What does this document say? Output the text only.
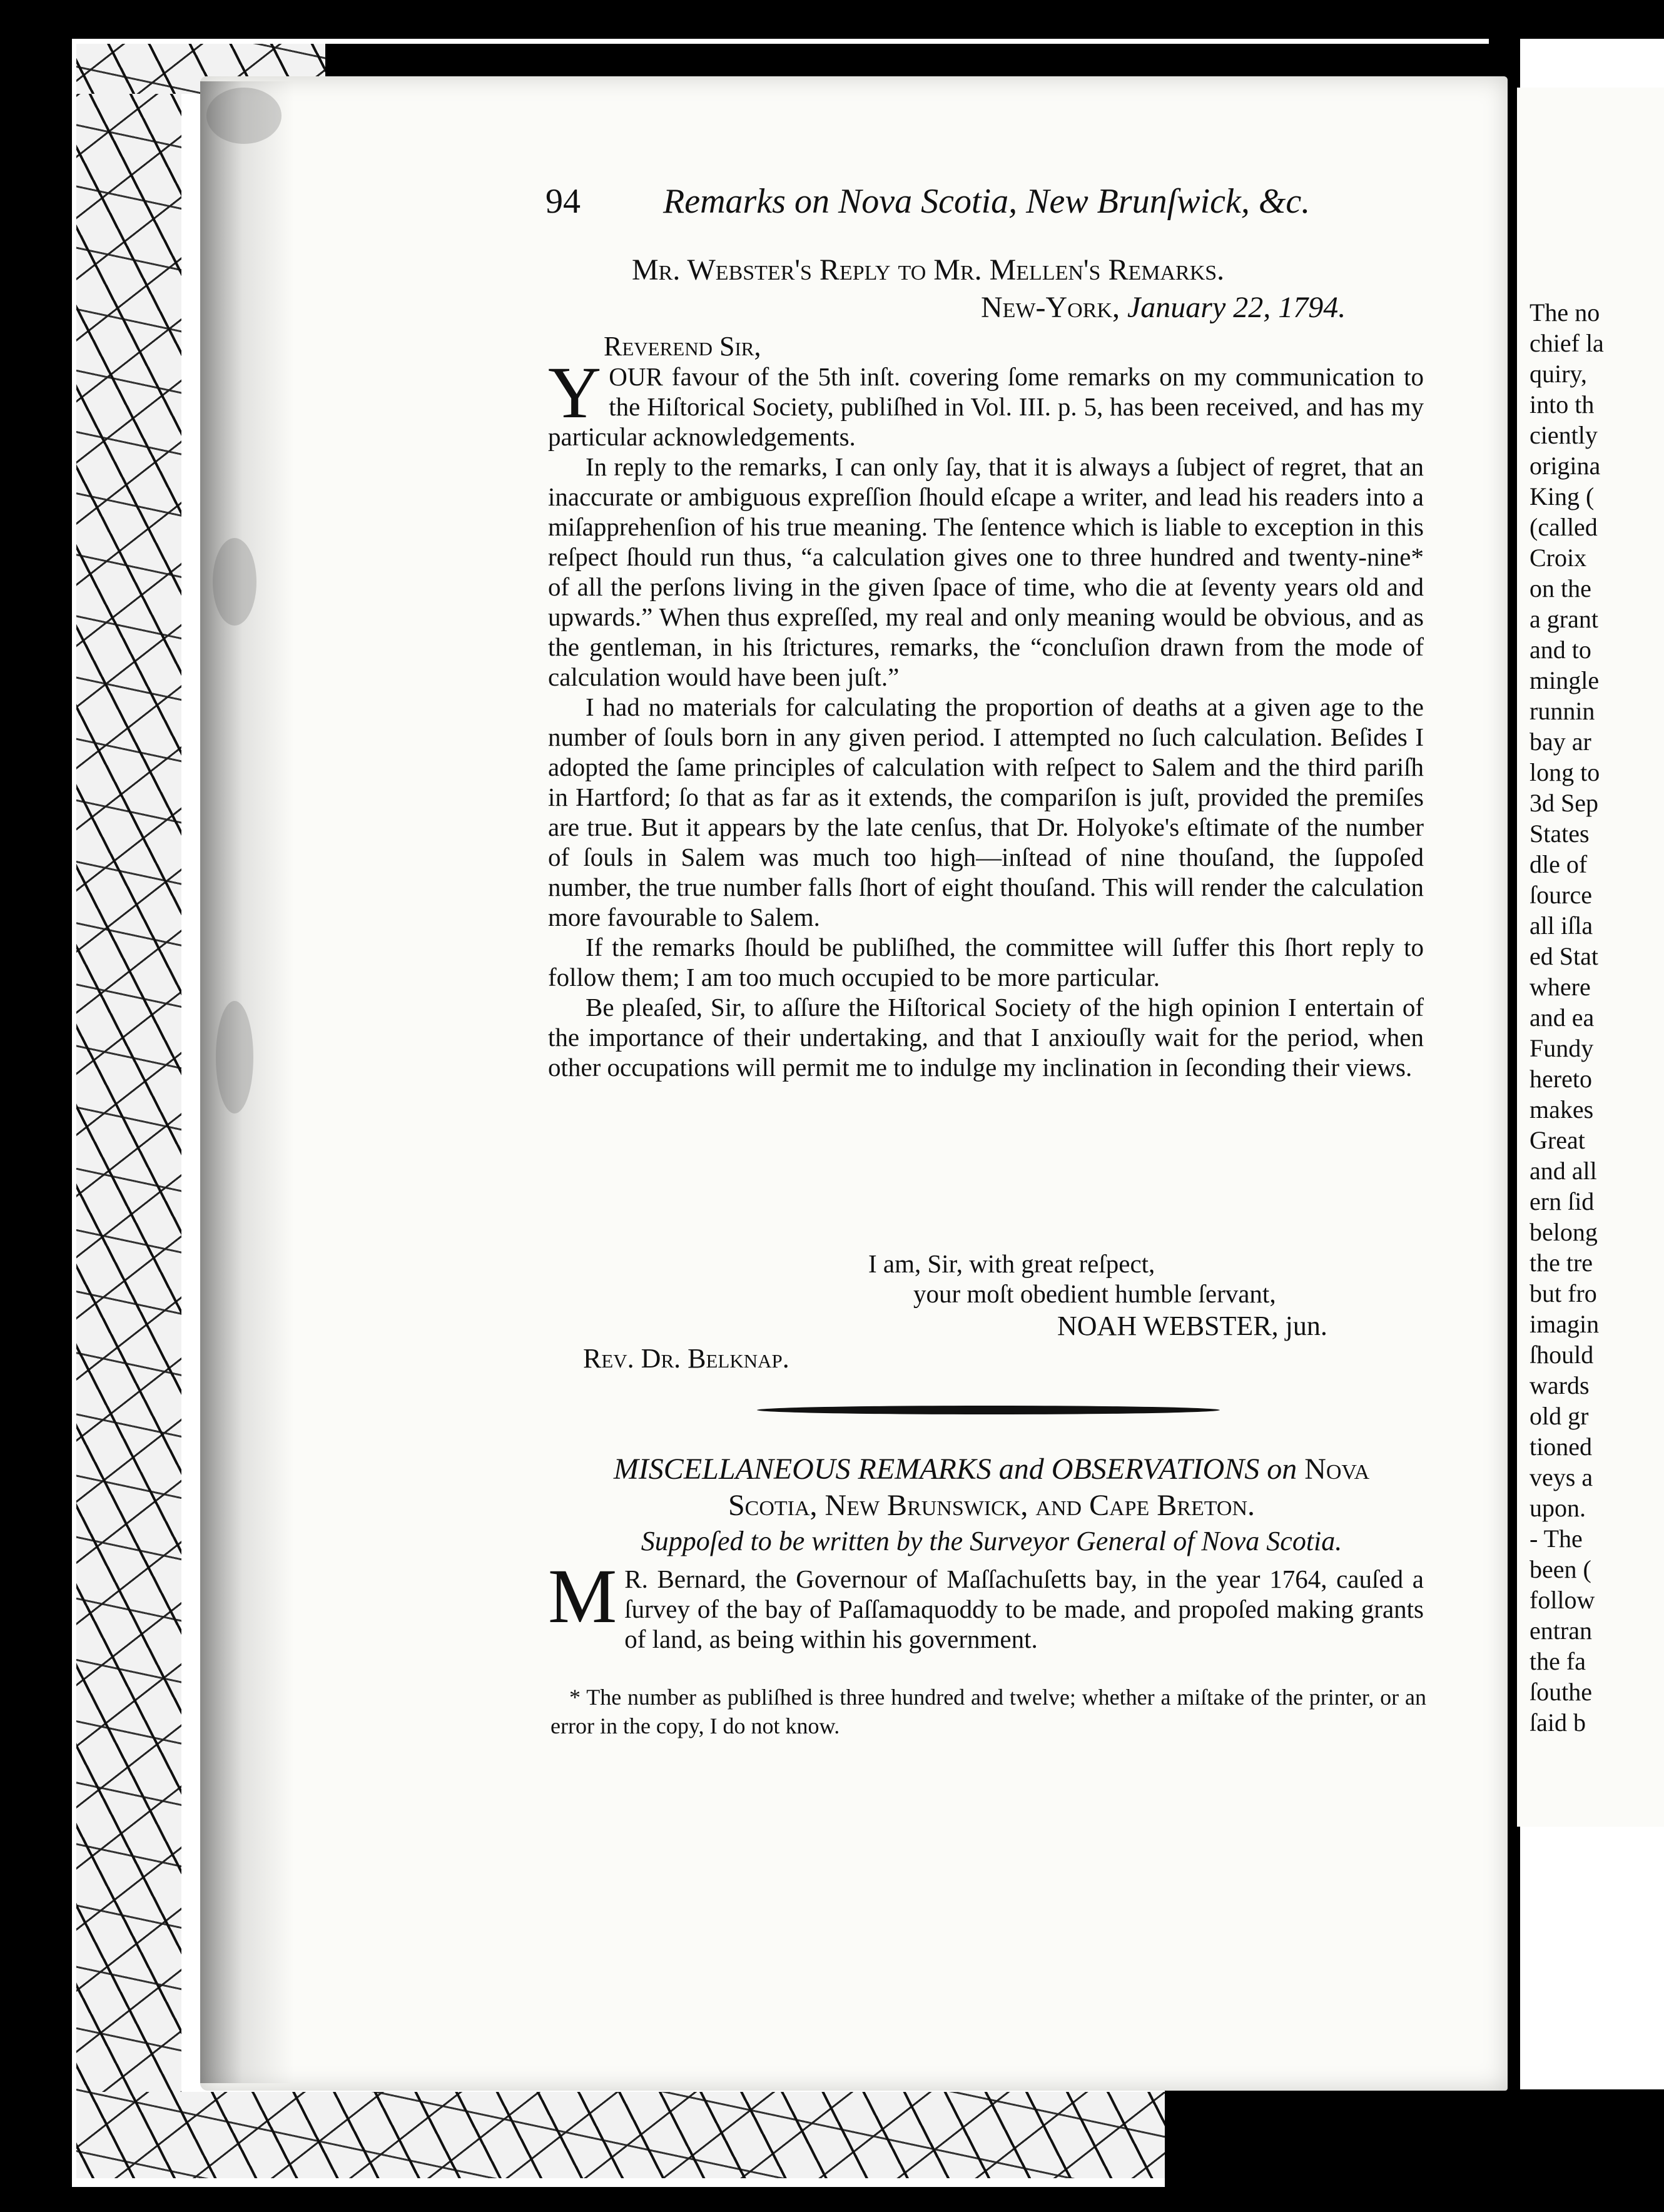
The no
chief la
quiry,
into th
ciently
origina
King (
(called
Croix
on the
a grant
and to
mingle
runnin
bay ar
long to
3d Sep
States
dle of
ſource
all iſla
ed Stat
where
and ea
Fundy
hereto
makes
Great
and all
ern ſid
belong
the tre
but fro
imagin
ſhould
wards
old gr
tioned
veys a
upon.
- The
been (
follow
entran
the fa
ſouthe
ſaid b
94 Remarks on Nova Scotia, New Brunſwick, &c.
Mr. Webster's Reply to Mr. Mellen's Remarks.
New-York, January 22, 1794.
Reverend Sir,

YOUR favour of the 5th inſt. covering ſome remarks on my communication to the Hiſtorical Society, publiſhed in Vol. III. p. 5, has been received, and has my particular acknowledgements.

In reply to the remarks, I can only ſay, that it is always a ſubject of regret, that an inaccurate or ambiguous expreſſion ſhould eſcape a writer, and lead his readers into a miſapprehenſion of his true meaning. The ſentence which is liable to exception in this reſpect ſhould run thus, “a calculation gives one to three hundred and twenty-nine* of all the perſons living in the given ſpace of time, who die at ſeventy years old and upwards.” When thus expreſſed, my real and only meaning would be obvious, and as the gentleman, in his ſtrictures, remarks, the “concluſion drawn from the mode of calculation would have been juſt.”

I had no materials for calculating the proportion of deaths at a given age to the number of ſouls born in any given period. I attempted no ſuch calculation. Beſides I adopted the ſame principles of calculation with reſpect to Salem and the third pariſh in Hartford; ſo that as far as it extends, the compariſon is juſt, provided the premiſes are true. But it appears by the late cenſus, that Dr. Holyoke's eſtimate of the number of ſouls in Salem was much too high—inſtead of nine thouſand, the ſuppoſed number, the true number falls ſhort of eight thouſand. This will render the calculation more favourable to Salem.

If the remarks ſhould be publiſhed, the committee will ſuffer this ſhort reply to follow them; I am too much occupied to be more particular.

Be pleaſed, Sir, to aſſure the Hiſtorical Society of the high opinion I entertain of the importance of their undertaking, and that I anxiouſly wait for the period, when other occupations will permit me to indulge my inclination in ſeconding their views.

I am, Sir, with great reſpect,
your moſt obedient humble ſervant,
NOAH WEBSTER, jun.
Rev. Dr. Belknap.
MISCELLANEOUS REMARKS and OBSERVATIONS on Nova
Scotia, New Brunswick, and Cape Breton.
Suppoſed to be written by the Surveyor General of Nova Scotia.

M R. Bernard, the Governour of Maſſachuſetts bay, in the year 1764, cauſed a ſurvey of the bay of Paſſamaquoddy to be made, and propoſed making grants of land, as being within his government.

* The number as publiſhed is three hundred and twelve; whether a miſtake of the printer, or an error in the copy, I do not know.
